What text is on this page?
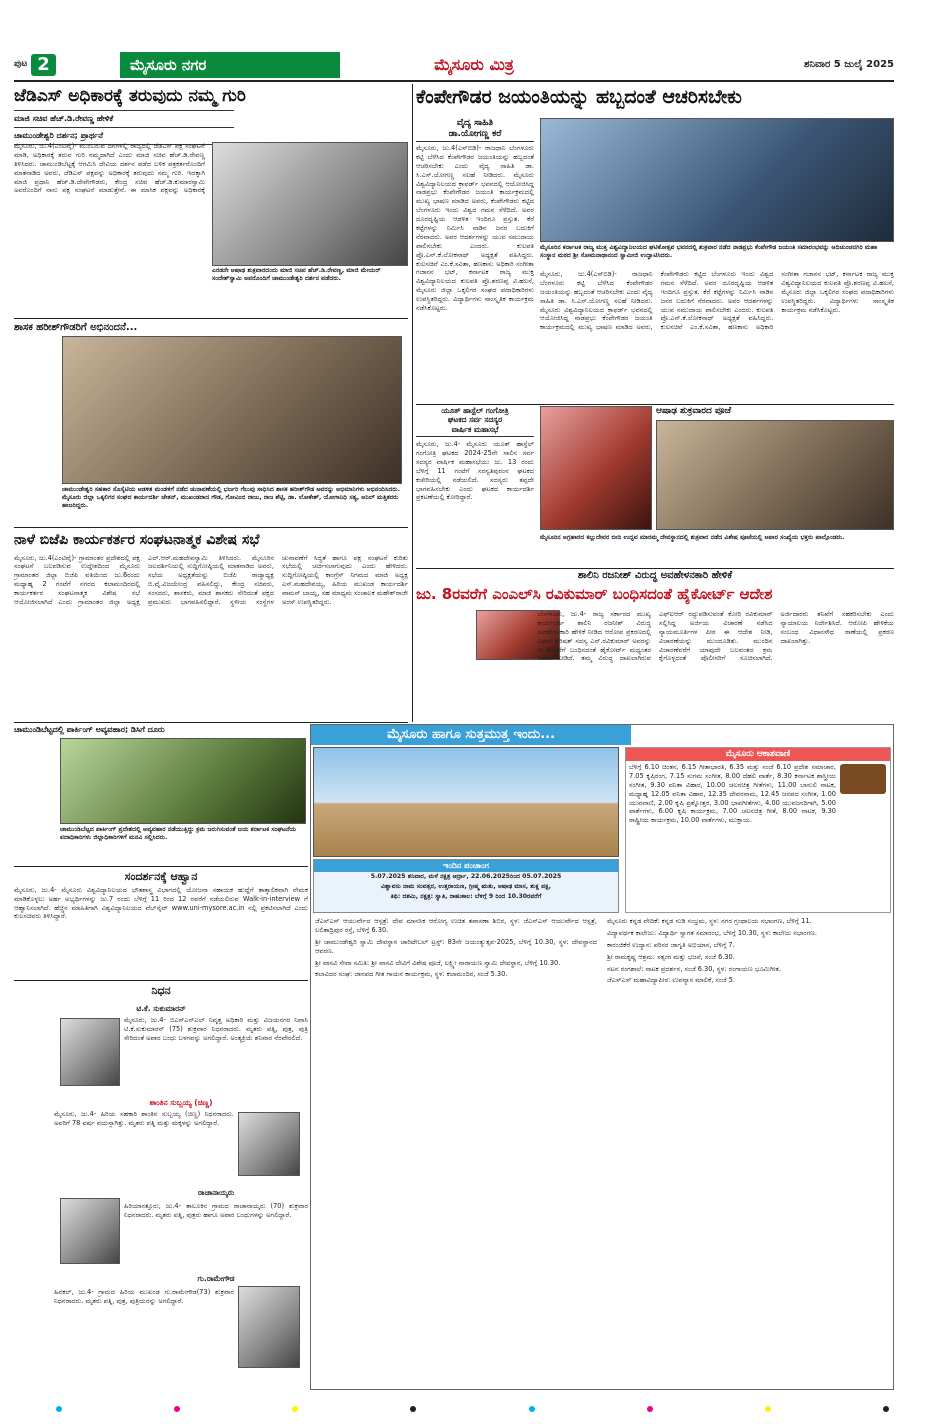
ಪುಟ 2	ಮೈಸೂರು ನಗರ	ಮೈಸೂರು ಮಿತ್ರ	ಶನಿವಾರ 5 ಜುಲೈ 2025
ಜೆಡಿಎಸ್ ಅಧಿಕಾರಕ್ಕೆ ತರುವುದು ನಮ್ಮ ಗುರಿ
ಮಾಜಿ ಸಚಿವ ಹೆಚ್.ಡಿ.ರೇವಣ್ಣ ಹೇಳಿಕೆ
ಚಾಮುಂಡೇಶ್ವರಿ ದರ್ಶನ; ಪ್ರಾರ್ಥನೆ

ಮೈಸೂರು, ಜು.4(ಎಂಟಿವೈ)- ಮುಂಬರುವ ದಿನಗಳಲ್ಲಿ ರಾಜ್ಯದಲ್ಲಿ ಜೆಡಿಎಸ್ ಪಕ್ಷ ಸಂಘಟನೆ ಮಾಡಿ, ಅಧಿಕಾರಕ್ಕೆ ತರುವ ಗುರಿ ನಮ್ಮದಾಗಿದೆ ಎಂದು ಮಾಜಿ ಸಚಿವ ಹೆಚ್.ಡಿ.ರೇವಣ್ಣ ತಿಳಿಸಿದರು. ಚಾಮುಂಡಿಬೆಟ್ಟಕ್ಕೆ ಆಗಮಿಸಿ ದೇವಿಯ ದರ್ಶನ ಪಡೆದ ಬಳಿಕ ಪತ್ರಕರ್ತರೊಂದಿಗೆ ಮಾತನಾಡಿದ ಅವರು, ಜೆಡಿಎಸ್ ಪಕ್ಷವನ್ನು ಅಧಿಕಾರಕ್ಕೆ ತರುವುದು ನಮ್ಮ ಗುರಿ. ಇದಕ್ಕಾಗಿ ಮಾಜಿ ಪ್ರಧಾನಿ ಹೆಚ್.ಡಿ.ದೇವೇಗೌಡರು, ಕೇಂದ್ರ ಸಚಿವ ಹೆಚ್.ಡಿ.ಕುಮಾರಸ್ವಾಮಿ ಅವರೊಂದಿಗೆ ನಾನು ಪಕ್ಷ ಸಂಘಟನೆ ಮಾಡುತ್ತೇನೆ. ಈ ಮಾಸಿಕ ಪಕ್ಷವನ್ನು ಅಧಿಕಾರಕ್ಕೆ

ಎರಡನೇ ಆಷಾಢ ಶುಕ್ರವಾರದಂದು ಮಾಜಿ ಸಚಿವ ಹೆಚ್.ಡಿ.ರೇವಣ್ಣ, ಮಾಜಿ ಮೇಯರ್ ಸಂದೇಶ್‌ಸ್ವಾಮಿ ಅವರೊಂದಿಗೆ ಚಾಮುಂಡೇಶ್ವರಿ ದರ್ಶನ ಪಡೆದರು.
ಶಾಸಕ ಹರೀಶ್‌ಗೌಡರಿಗೆ ಅಭಿನಂದನೆ...
ಚಾಮುಂಡೇಶ್ವರಿ ಸಹಕಾರ ಸೊಸೈಟಿಯ ಆಡಳಿತ ಮಂಡಳಿಗೆ ನಡೆದ ಚುನಾವಣೆಯಲ್ಲಿ ಭರ್ಜರಿ ಗೆಲುವು ಸಾಧಿಸಿದ ಶಾಸಕ ಹರೀಶ್‌ಗೌಡ ಅವರನ್ನು ಅಭಿಮಾನಿಗಳು ಅಭಿನಂದಿಸಿದರು. ಮೈಸೂರು ಜಿಲ್ಲಾ ಒಕ್ಕಲಿಗರ ಸಂಘದ ಕಾರ್ಯದರ್ಶಿ ಚೇತನ್, ಮುಖಂಡರಾದ ಗೌಡ, ಗೋವಿಂದ ರಾಜು, ರಾಜ ಶೆಟ್ಟಿ, ಡಾ. ಲೋಕೇಶ್, ಯೋಗಾನಿಧಿ ಸತ್ಯ, ಅನಿಲ್ ಮತ್ತಿತರರು ಹಾಜರಿದ್ದರು.
ನಾಳೆ ಬಿಜೆಪಿ ಕಾರ್ಯಕರ್ತರ ಸಂಘಟನಾತ್ಮಕ ವಿಶೇಷ ಸಭೆ

ಮೈಸೂರು, ಜು.4(ಎಂಟಿವೈ)- ಗ್ರಾಮಾಂತರ ಪ್ರದೇಶದಲ್ಲಿ ಪಕ್ಷ ಸಂಘಟನೆ ಬಲಪಡಿಸುವ ಉದ್ದೇಶದಿಂದ ಮೈಸೂರು ಗ್ರಾಮಾಂತರ ಜಿಲ್ಲಾ ಬಿಜೆಪಿ ವತಿಯಿಂದ ಜು.6ರಂದು ಮಧ್ಯಾಹ್ನ 2 ಗಂಟೆಗೆ ನಗರದ ಕಲಾಮಂದಿರದಲ್ಲಿ ಕಾರ್ಯಕರ್ತರ ಸಂಘಟನಾತ್ಮಕ ವಿಶೇಷ ಸಭೆ ಆಯೋಜಿಸಲಾಗಿದೆ ಎಂದು ಗ್ರಾಮಾಂತರ ಜಿಲ್ಲಾ ಅಧ್ಯಕ್ಷ ಎಲ್.ಆರ್.ಮಹದೇವಸ್ವಾಮಿ ತಿಳಿಸಿದರು. ಮೈಸೂರಿನ ಜಲದರ್ಶಿನಿಯಲ್ಲಿ ಸುದ್ದಿಗೋಷ್ಠಿಯಲ್ಲಿ ಮಾತನಾಡಿದ ಅವರು, ಸಭೆಯ ಅಧ್ಯಕ್ಷತೆಯನ್ನು ಬಿಜೆಪಿ ರಾಜ್ಯಾಧ್ಯಕ್ಷ ಬಿ.ವೈ.ವಿಜಯೇಂದ್ರ ವಹಿಸಲಿದ್ದು, ಕೇಂದ್ರ ಸಚಿವರು, ಸಂಸದರು, ಶಾಸಕರು, ಮಾಜಿ ಶಾಸಕರು ಸೇರಿದಂತೆ ಪಕ್ಷದ ಪ್ರಮುಖರು ಭಾಗವಹಿಸಲಿದ್ದಾರೆ. ಸ್ಥಳೀಯ ಸಂಸ್ಥೆಗಳ ಚುನಾವಣೆಗೆ ಸಿದ್ಧತೆ ಹಾಗೂ ಪಕ್ಷ ಸಂಘಟನೆ ಕುರಿತು ಸಭೆಯಲ್ಲಿ ಚರ್ಚಿಸಲಾಗುವುದು ಎಂದು ಹೇಳಿದರು. ಸುದ್ದಿಗೋಷ್ಠಿಯಲ್ಲಿ ಕಾಂಗ್ರೆಸ್ ನಿಗಮದ ಮಾಜಿ ಅಧ್ಯಕ್ಷ ಎಸ್.ಮಹದೇವಯ್ಯ, ಹಿರಿಯ ಮುಖಂಡ ಕಾರ್ಯದರ್ಶಿ ವಾಮನ್ ಬಾಯ್ಲ, ಸಹ ಮಾಧ್ಯಮ ಸಂಚಾಲಕ ಮಹೇಶ್‌ರಾಜೇ ಅರಸ್ ಉಪಸ್ಥಿತರಿದ್ದರು.

ಚಾಮುಂಡಿಬೆಟ್ಟದಲ್ಲಿ ಪಾರ್ಕಿಂಗ್ ಅವ್ಯವಹಾರ; ಡಿಸಿಗೆ ದೂರು
ಚಾಮುಂಡಿಬೆಟ್ಟದ ಪಾರ್ಕಿಂಗ್ ಪ್ರದೇಶದಲ್ಲಿ ಅವ್ಯವಹಾರ ನಡೆಯುತ್ತಿದ್ದು ಕ್ರಮ ಜರುಗಿಸುವಂತೆ ಜಯ ಕರ್ನಾಟಕ ಸಂಘಟನೆಯ ಪದಾಧಿಕಾರಿಗಳು ಜಿಲ್ಲಾಧಿಕಾರಿಗಳಿಗೆ ಮನವಿ ಸಲ್ಲಿಸಿದರು.
ಸಂದರ್ಶನಕ್ಕೆ ಆಹ್ವಾನ

ಮೈಸೂರು, ಜು.4- ಮೈಸೂರು ವಿಶ್ವವಿದ್ಯಾನಿಲಯದ ಭೌತಶಾಸ್ತ್ರ ವಿಭಾಗದಲ್ಲಿ ಯೋಜನಾ ಸಹಾಯಕ ಹುದ್ದೆಗೆ ತಾತ್ಕಾಲಿಕವಾಗಿ ನೇಮಕ ಮಾಡಿಕೊಳ್ಳಲು ಅರ್ಹ ಅಭ್ಯರ್ಥಿಗಳನ್ನು ಜು.7 ರಂದು ಬೆಳಿಗ್ಗೆ 11 ರಿಂದ 12 ರವರೆಗೆ ನಡೆಯಲಿರುವ Walk-in-interview ಗೆ ಆಹ್ವಾನಿಸಲಾಗಿದೆ. ಹೆಚ್ಚಿನ ಮಾಹಿತಿಗಾಗಿ ವಿಶ್ವವಿದ್ಯಾನಿಲಯದ ವೆಬ್‌ಸೈಟ್ www.uni-mysore.ac.in ನಲ್ಲಿ ಪ್ರಕಟಿಸಲಾಗಿದೆ ಎಂದು ಕುಲಸಚಿವರು ತಿಳಿಸಿದ್ದಾರೆ.

ನಿಧನ
ಟಿ.ಕೆ. ಸುಕುಮಾರನ್
ಮೈಸೂರು, ಜು.4- ಬಿಎಸ್ಎನ್ಎಲ್ ನಿವೃತ್ತ ಅಧಿಕಾರಿ ಮತ್ತು ವಿಜಯನಗರ ನಿವಾಸಿ ಟಿ.ಕೆ.ಸುಕುಮಾರನ್ (75) ಶುಕ್ರವಾರ ನಿಧನರಾದರು. ಮೃತರು ಪತ್ನಿ, ಪುತ್ರ, ಪುತ್ರಿ ಸೇರಿದಂತೆ ಅಪಾರ ಬಂಧು ಬಳಗವನ್ನು ಅಗಲಿದ್ದಾರೆ. ಅಂತ್ಯಕ್ರಿಯೆ ಶನಿವಾರ ನೆರವೇರಲಿದೆ.
ಶಾಂತಿನ ಸುಬ್ಬಯ್ಯ (ಚಿಣ್ಣ)
ಮೈಸೂರು, ಜು.4- ಹಿರಿಯ ಸಹಕಾರಿ ಶಾಂತಿನ ಸುಬ್ಬಯ್ಯ (ಚಿಣ್ಣ) ನಿಧನರಾದರು. ಅವರಿಗೆ 78 ವರ್ಷ ವಯಸ್ಸಾಗಿತ್ತು. ಮೃತರು ಪತ್ನಿ ಮತ್ತು ಮಕ್ಕಳನ್ನು ಅಗಲಿದ್ದಾರೆ.
ರಾಚಾನಾಯ್ಕರು
ಹಿರಿಯಾಸತ್ತೂರು, ಜು.4- ತಾಲೂಕಿನ ಗ್ರಾಮದ ರಾಚಾನಾಯ್ಕರು (70) ಶುಕ್ರವಾರ ನಿಧನರಾದರು. ಮೃತರು ಪತ್ನಿ, ಪುತ್ರರು ಹಾಗೂ ಅಪಾರ ಬಂಧುಗಳನ್ನು ಅಗಲಿದ್ದಾರೆ.
ಗು.ರಾಮೇಗೌಡ
ಹಿನಕಲ್, ಜು.4- ಗ್ರಾಮದ ಹಿರಿಯ ಮುಖಂಡ ಗು.ರಾಮೇಗೌಡ(73) ಶುಕ್ರವಾರ ನಿಧನರಾದರು. ಮೃತರು ಪತ್ನಿ, ಪುತ್ರ, ಪುತ್ರಿಯರನ್ನು ಅಗಲಿದ್ದಾರೆ.
ಕೆಂಪೇಗೌಡರ ಜಯಂತಿಯನ್ನು ಹಬ್ಬದಂತೆ ಆಚರಿಸಬೇಕು
ವೈದ್ಯ ಸಾಹಿತಿ
ಡಾ.ಯೋಗಣ್ಣ ಕರೆ

ಮೈಸೂರು, ಜು.4(ಎಸ್‌ಬಿಡಿ)- ರಾಜಧಾನಿ ಬೆಂಗಳೂರು ಕಟ್ಟಿ ಬೆಳೆಸಿದ ಕೆಂಪೇಗೌಡರ ಜಯಂತಿಯನ್ನು ಹಬ್ಬದಂತೆ ಆಚರಿಸಬೇಕು ಎಂದು ವೈದ್ಯ ಸಾಹಿತಿ ಡಾ. ಸಿ.ಎಸ್.ಯೋಗಣ್ಣ ಸಲಹೆ ನೀಡಿದರು. ಮೈಸೂರು ವಿಶ್ವವಿದ್ಯಾನಿಲಯದ ಕ್ರಾಫರ್ಡ್ ಭವನದಲ್ಲಿ ಆಯೋಜಿಸಿದ್ದ ನಾಡಪ್ರಭು ಕೆಂಪೇಗೌಡರ ಜಯಂತಿ ಕಾರ್ಯಕ್ರಮದಲ್ಲಿ ಮುಖ್ಯ ಭಾಷಣ ಮಾಡಿದ ಅವರು, ಕೆಂಪೇಗೌಡರು ಕಟ್ಟಿದ ಬೆಂಗಳೂರು ಇಂದು ವಿಶ್ವದ ಗಮನ ಸೆಳೆದಿದೆ. ಅವರ ದೂರದೃಷ್ಟಿಯ ಆಡಳಿತ ಇಂದಿಗೂ ಪ್ರಸ್ತುತ. ಕೆರೆ ಕಟ್ಟೆಗಳನ್ನು ನಿರ್ಮಿಸಿ ನಾಡಿನ ಜನರ ಬದುಕಿಗೆ ನೆರವಾದರು. ಅವರ ಆದರ್ಶಗಳನ್ನು ಯುವ ಸಮುದಾಯ ಪಾಲಿಸಬೇಕು ಎಂದರು. ಕುಲಪತಿ ಪ್ರೊ.ಎನ್.ಕೆ.ಲೋಕನಾಥ್ ಅಧ್ಯಕ್ಷತೆ ವಹಿಸಿದ್ದರು. ಕುಲಸಚಿವೆ ಎಂ.ಕೆ.ಸವಿತಾ, ಹಣಕಾಸು ಅಧಿಕಾರಿ ಸಂಗೀತಾ ಗಜಾನನ ಭಟ್, ಕರ್ನಾಟಕ ರಾಜ್ಯ ಮುಕ್ತ ವಿಶ್ವವಿದ್ಯಾನಿಲಯದ ಕುಲಪತಿ ಪ್ರೊ.ಶರಣಪ್ಪ ವಿ.ಹಲಸೆ, ಮೈಸೂರು ಜಿಲ್ಲಾ ಒಕ್ಕಲಿಗರ ಸಂಘದ ಪದಾಧಿಕಾರಿಗಳು ಉಪಸ್ಥಿತರಿದ್ದರು. ವಿದ್ಯಾರ್ಥಿಗಳು ಸಾಂಸ್ಕೃತಿಕ ಕಾರ್ಯಕ್ರಮ ನಡೆಸಿಕೊಟ್ಟರು.

ಮೈಸೂರಿನ ಕರ್ನಾಟಕ ರಾಜ್ಯ ಮುಕ್ತ ವಿಶ್ವವಿದ್ಯಾನಿಲಯದ ಘಟಿಕೋತ್ಸವ ಭವನದಲ್ಲಿ ಶುಕ್ರವಾರ ನಡೆದ ನಾಡಪ್ರಭು ಕೆಂಪೇಗೌಡ ಜಯಂತಿ ಸಮಾರಂಭವನ್ನು ಆದಿಚುಂಚನಗಿರಿ ಮಹಾ ಸಂಸ್ಥಾನ ಮಠದ ಶ್ರೀ ಸೋಮನಾಥಾನಂದ ಸ್ವಾಮೀಜಿ ಉದ್ಘಾಟಿಸಿದರು.

ಮೈಸೂರು, ಜು.4(ಎಸ್‌ಬಿಡಿ)- ರಾಜಧಾನಿ ಬೆಂಗಳೂರು ಕಟ್ಟಿ ಬೆಳೆಸಿದ ಕೆಂಪೇಗೌಡರ ಜಯಂತಿಯನ್ನು ಹಬ್ಬದಂತೆ ಆಚರಿಸಬೇಕು ಎಂದು ವೈದ್ಯ ಸಾಹಿತಿ ಡಾ. ಸಿ.ಎಸ್.ಯೋಗಣ್ಣ ಸಲಹೆ ನೀಡಿದರು. ಮೈಸೂರು ವಿಶ್ವವಿದ್ಯಾನಿಲಯದ ಕ್ರಾಫರ್ಡ್ ಭವನದಲ್ಲಿ ಆಯೋಜಿಸಿದ್ದ ನಾಡಪ್ರಭು ಕೆಂಪೇಗೌಡರ ಜಯಂತಿ ಕಾರ್ಯಕ್ರಮದಲ್ಲಿ ಮುಖ್ಯ ಭಾಷಣ ಮಾಡಿದ ಅವರು, ಕೆಂಪೇಗೌಡರು ಕಟ್ಟಿದ ಬೆಂಗಳೂರು ಇಂದು ವಿಶ್ವದ ಗಮನ ಸೆಳೆದಿದೆ. ಅವರ ದೂರದೃಷ್ಟಿಯ ಆಡಳಿತ ಇಂದಿಗೂ ಪ್ರಸ್ತುತ. ಕೆರೆ ಕಟ್ಟೆಗಳನ್ನು ನಿರ್ಮಿಸಿ ನಾಡಿನ ಜನರ ಬದುಕಿಗೆ ನೆರವಾದರು. ಅವರ ಆದರ್ಶಗಳನ್ನು ಯುವ ಸಮುದಾಯ ಪಾಲಿಸಬೇಕು ಎಂದರು. ಕುಲಪತಿ ಪ್ರೊ.ಎನ್.ಕೆ.ಲೋಕನಾಥ್ ಅಧ್ಯಕ್ಷತೆ ವಹಿಸಿದ್ದರು. ಕುಲಸಚಿವೆ ಎಂ.ಕೆ.ಸವಿತಾ, ಹಣಕಾಸು ಅಧಿಕಾರಿ ಸಂಗೀತಾ ಗಜಾನನ ಭಟ್, ಕರ್ನಾಟಕ ರಾಜ್ಯ ಮುಕ್ತ ವಿಶ್ವವಿದ್ಯಾನಿಲಯದ ಕುಲಪತಿ ಪ್ರೊ.ಶರಣಪ್ಪ ವಿ.ಹಲಸೆ, ಮೈಸೂರು ಜಿಲ್ಲಾ ಒಕ್ಕಲಿಗರ ಸಂಘದ ಪದಾಧಿಕಾರಿಗಳು ಉಪಸ್ಥಿತರಿದ್ದರು. ವಿದ್ಯಾರ್ಥಿಗಳು ಸಾಂಸ್ಕೃತಿಕ ಕಾರ್ಯಕ್ರಮ ನಡೆಸಿಕೊಟ್ಟರು.

ಯೂತ್ ಹಾಸ್ಟೆಲ್ ಗಂಗೋತ್ರಿ
ಘಟಕದ ಸರ್ವ ಸದಸ್ಯರ
ವಾರ್ಷಿಕ ಮಹಾಸಭೆ

ಮೈಸೂರು, ಜು.4- ಮೈಸೂರು ಯೂತ್ ಹಾಸ್ಟೆಲ್ ಗಂಗೋತ್ರಿ ಘಟಕದ 2024-25ನೇ ಸಾಲಿನ ಸರ್ವ ಸದಸ್ಯರ ವಾರ್ಷಿಕ ಮಹಾಸಭೆಯು ಜು. 13 ರಂದು ಬೆಳಿಗ್ಗೆ 11 ಗಂಟೆಗೆ ಸರಸ್ವತಿಪುರಂನ ಘಟಕದ ಕಚೇರಿಯಲ್ಲಿ ನಡೆಯಲಿದೆ. ಸದಸ್ಯರು ತಪ್ಪದೇ ಭಾಗವಹಿಸಬೇಕು ಎಂದು ಘಟಕದ ಕಾರ್ಯದರ್ಶಿ ಪ್ರಕಟಣೆಯಲ್ಲಿ ಕೋರಿದ್ದಾರೆ.

ಆಷಾಢ ಶುಕ್ರವಾರದ ಪೂಜೆ
ಮೈಸೂರಿನ ಅಗ್ರಹಾರದ ಕಲ್ಲುದೇವರ ಬೀದಿ ಉದ್ಭವ ಮಾರಮ್ಮ ದೇವಸ್ಥಾನದಲ್ಲಿ ಶುಕ್ರವಾರ ನಡೆದ ವಿಶೇಷ ಪೂಜೆಯಲ್ಲಿ ಅಪಾರ ಸಂಖ್ಯೆಯ ಭಕ್ತರು ಪಾಲ್ಗೊಂಡರು.
ಶಾಲಿನಿ ರಜನೀಶ್ ವಿರುದ್ಧ ಅವಹೇಳನಕಾರಿ ಹೇಳಿಕೆ
ಜು. 8ರವರೆಗೆ ಎಂಎಲ್‌ಸಿ ರವಿಕುಮಾರ್ ಬಂಧಿಸದಂತೆ ಹೈಕೋರ್ಟ್ ಆದೇಶ

ಬೆಂಗಳೂರು, ಜು.4- ರಾಜ್ಯ ಸರ್ಕಾರದ ಮುಖ್ಯ ಕಾರ್ಯದರ್ಶಿ ಶಾಲಿನಿ ರಜನೀಶ್ ವಿರುದ್ಧ ಅವಹೇಳನಕಾರಿ ಹೇಳಿಕೆ ನೀಡಿದ ಆರೋಪ ಪ್ರಕರಣದಲ್ಲಿ ವಿಧಾನ ಪರಿಷತ್ ಸದಸ್ಯ ಎನ್.ರವಿಕುಮಾರ್ ಅವರನ್ನು ಜು.8ರವರೆಗೆ ಬಂಧಿಸದಂತೆ ಹೈಕೋರ್ಟ್ ಮಧ್ಯಂತರ ಆದೇಶ ನೀಡಿದೆ. ತಮ್ಮ ವಿರುದ್ಧ ದಾಖಲಾಗಿರುವ ಎಫ್‌ಐಆರ್ ರದ್ದುಪಡಿಸುವಂತೆ ಕೋರಿ ರವಿಕುಮಾರ್ ಸಲ್ಲಿಸಿದ್ದ ಅರ್ಜಿಯ ವಿಚಾರಣೆ ನಡೆಸಿದ ನ್ಯಾಯಮೂರ್ತಿಗಳ ಪೀಠ ಈ ಆದೇಶ ನೀಡಿ, ವಿಚಾರಣೆಯನ್ನು ಮುಂದೂಡಿತು. ಮುಂದಿನ ವಿಚಾರಣೆವರೆಗೆ ಯಾವುದೇ ಬಲವಂತದ ಕ್ರಮ ಕೈಗೊಳ್ಳದಂತೆ ಪೊಲೀಸರಿಗೆ ಸೂಚಿಸಲಾಗಿದೆ. ಅರ್ಜಿದಾರರು ತನಿಖೆಗೆ ಸಹಕರಿಸಬೇಕು ಎಂದು ನ್ಯಾಯಾಲಯ ನಿರ್ದೇಶಿಸಿದೆ. ಆರೋಪಿ ಹೇಳಿಕೆಯ ಸಂಬಂಧ ವಿಧಾನಸೌಧ ಠಾಣೆಯಲ್ಲಿ ಪ್ರಕರಣ ದಾಖಲಾಗಿತ್ತು.

ಮೈಸೂರು ಹಾಗೂ ಸುತ್ತಮುತ್ತ ಇಂದು...
ಇಂದಿನ ಪಂಚಾಂಗ
5.07.2025 ಶನಿವಾರ, ಮಳೆ ನಕ್ಷತ್ರ ಆರ್ದ್ರಾ, 22.06.2025ರಿಂದ 05.07.2025
ವಿಶ್ವಾವಸು ನಾಮ ಸಂವತ್ಸರ, ಉತ್ತರಾಯಣ, ಗ್ರೀಷ್ಮ ಋತು, ಆಷಾಢ ಮಾಸ, ಶುಕ್ಲ ಪಕ್ಷ,
ತಿಥಿ: ದಶಮಿ, ನಕ್ಷತ್ರ: ಸ್ವಾತಿ, ರಾಹುಕಾಲ: ಬೆಳಿಗ್ಗೆ 9 ರಿಂದ 10.30ರವರೆಗೆ

ಜೆಎಸ್ಎಸ್ ಆಯುರ್ವೇದ ಆಸ್ಪತ್ರೆ: ದೇವ ಮಾನಸಿಕ ಆರೋಗ್ಯ ಉಚಿತ ತಪಾಸಣಾ ಶಿಬಿರ, ಸ್ಥಳ: ಜೆಎಸ್ಎಸ್ ಆಯುರ್ವೇದ ಆಸ್ಪತ್ರೆ, ಲಲಿತಾದ್ರಿಪುರ ರಸ್ತೆ, ಬೆಳಿಗ್ಗೆ 6.30.

ಶ್ರೀ ಚಾಮುಂಡೇಶ್ವರಿ ಸ್ವಾಮಿ ದೇವಸ್ಥಾನ ಚಾರಿಟೇಬಲ್ ಟ್ರಸ್ಟ್: 83ನೇ ಜಯಂತ್ಯುತ್ಸವ-2025, ಬೆಳಿಗ್ಗೆ 10.30, ಸ್ಥಳ: ದೇವಸ್ಥಾನದ ಆವರಣ.

ಶ್ರೀ ವಾಸವಿ ಸೇವಾ ಸಮಿತಿ: ಶ್ರೀ ವಾಸವಿ ದೇವಿಗೆ ವಿಶೇಷ ಪೂಜೆ, ಲಕ್ಷ್ಮೀ ನಾರಾಯಣ ಸ್ವಾಮಿ ದೇವಸ್ಥಾನ, ಬೆಳಿಗ್ಗೆ 10.30.

ಕಲಾವಿದರ ಸಂಘ: ಜಾನಪದ ಗೀತ ಗಾಯನ ಕಾರ್ಯಕ್ರಮ, ಸ್ಥಳ: ಕಲಾಮಂದಿರ, ಸಂಜೆ 5.30.

ಮೈಸೂರು ಕನ್ನಡ ವೇದಿಕೆ: ಕನ್ನಡ ನುಡಿ ಸಂಭ್ರಮ, ಸ್ಥಳ: ನಗರ ಗ್ರಂಥಾಲಯ ಸಭಾಂಗಣ, ಬೆಳಿಗ್ಗೆ 11.

ವಿದ್ಯಾವರ್ಧಕ ಕಾಲೇಜು: ವಿದ್ಯಾರ್ಥಿ ಸ್ವಾಗತ ಸಮಾರಂಭ, ಬೆಳಿಗ್ಗೆ 10.30, ಸ್ಥಳ: ಕಾಲೇಜು ಸಭಾಂಗಣ.

ಕಾರಂಜಿಕೆರೆ ಉದ್ಯಾನ: ಪರಿಸರ ಜಾಗೃತಿ ಅಭಿಯಾನ, ಬೆಳಿಗ್ಗೆ 7.

ಶ್ರೀ ರಾಮಕೃಷ್ಣ ಆಶ್ರಮ: ಸತ್ಸಂಗ ಮತ್ತು ಭಜನೆ, ಸಂಜೆ 6.30.

ನಟನ ರಂಗಶಾಲೆ: ನಾಟಕ ಪ್ರದರ್ಶನ, ಸಂಜೆ 6.30, ಸ್ಥಳ: ರಂಗಾಯಣ ಭೂಮಿಗೀತ.

ಜೆಎಸ್ಎಸ್ ಮಹಾವಿದ್ಯಾಪೀಠ: ಉಪನ್ಯಾಸ ಮಾಲಿಕೆ, ಸಂಜೆ 5.

ಮೈಸೂರು ಆಕಾಶವಾಣಿ
ಬೆಳಿಗ್ಗೆ 6.10 ಚಿಂತನ, 6.15 ಗೀತಾಭಾರತಿ, 6.35 ಮತ್ತು ಸಂಜೆ 6.10 ಪ್ರದೇಶ ಸಮಾಚಾರ, 7.05 ಕೃಷಿರಂಗ, 7.15 ಸುಗಮ ಸಂಗೀತ, 8.00 ದೆಹಲಿ ವಾರ್ತೆ, 8.30 ಕರ್ನಾಟಕ ಶಾಸ್ತ್ರೀಯ ಸಂಗೀತ, 9.30 ವನಿತಾ ವಿಹಾರ, 10.00 ಚಲನಚಿತ್ರ ಗೀತೆಗಳು, 11.00 ಬಾನುಲಿ ನಾಟಕ, ಮಧ್ಯಾಹ್ನ 12.05 ವನಿತಾ ವಿಹಾರ, 12.35 ದೇವರನಾಮ, 12.45 ಜನಪದ ಸಂಗೀತ, 1.00 ಯುವವಾಣಿ, 2.00 ಕೃಷಿ ಪ್ರಶ್ನೋತ್ತರ, 3.00 ಭಾವಗೀತೆಗಳು, 4.00 ಯುವಜನರಿಗಾಗಿ, 5.00 ವಾರ್ತೆಗಳು, 6.00 ಕೃಷಿ ಕಾರ್ಯಕ್ರಮ, 7.00 ಚಲನಚಿತ್ರ ಗೀತೆ, 8.00 ನಾಟಕ, 9.30 ರಾಷ್ಟ್ರೀಯ ಕಾರ್ಯಕ್ರಮ, 10.00 ವಾರ್ತೆಗಳು, ಮುಕ್ತಾಯ.
